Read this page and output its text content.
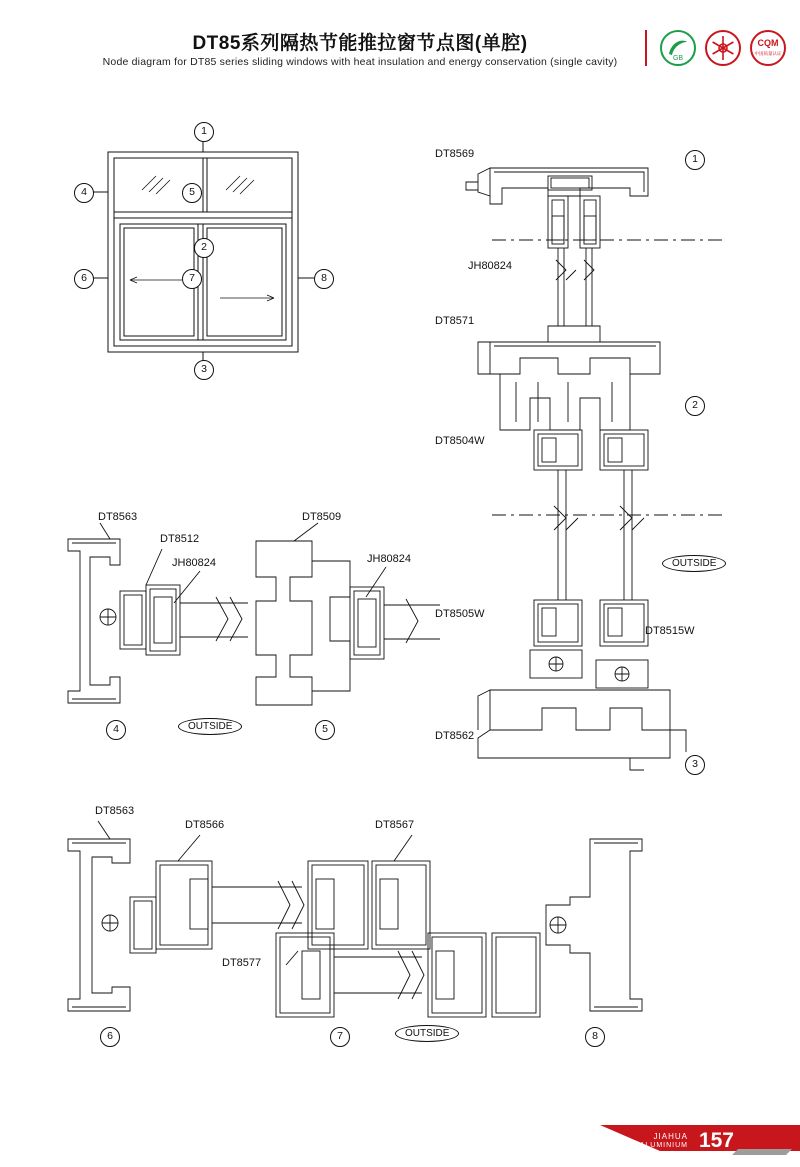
DT85系列隔热节能推拉窗节点图(单腔)
Node diagram for DT85 series sliding windows with heat insulation and energy conservation (single cavity)	GB
CQM
中国质量认证
1
4	5
2
6	7	8
3
DT8569
JH80824
DT8571
DT8504W
DT8505W
DT8515W
DT8562
1
2
3
OUTSIDE
DT8563
DT8512
JH80824
DT8509
JH80824
4	5
OUTSIDE
DT8563
DT8566	DT8567
DT8577
6	7	8
OUTSIDE
JIAHUA
ALUMINIUM 157
